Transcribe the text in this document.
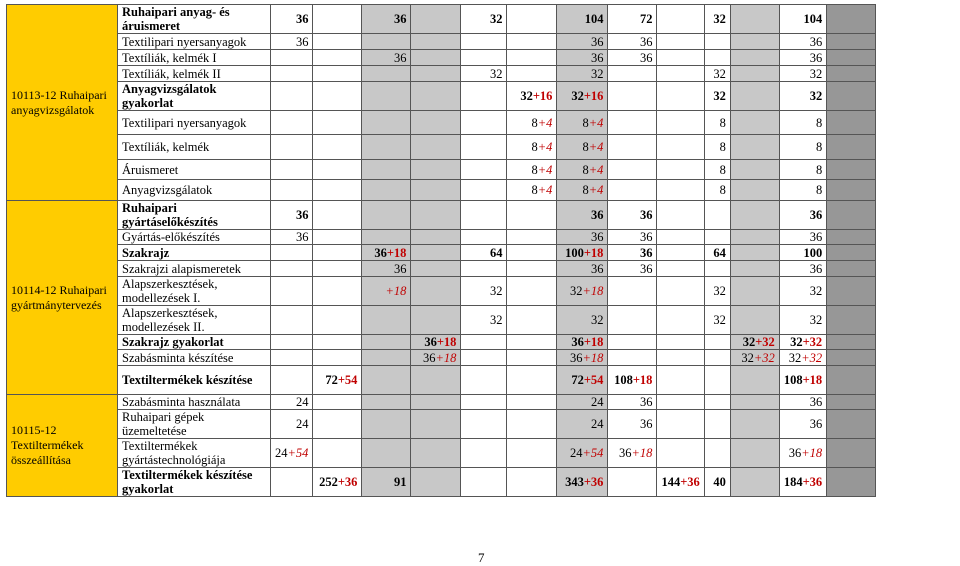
10113-12 Ruhaipari anyagvizsgálatok	Ruhaipari anyag- és áruismeret	36		36		32		104	72		32		104	
	Textilipari nyersanyagok	36						36	36				36	
	Textíliák, kelmék I			36				36	36				36	
	Textíliák, kelmék II					32		32			32		32	
	Anyagvizsgálatok gyakorlat						32+16	32+16			32		32	
	Textilipari nyersanyagok						8+4	8+4			8		8	
	Textíliák, kelmék						8+4	8+4			8		8	
	Áruismeret						8+4	8+4			8		8	
	Anyagvizsgálatok						8+4	8+4			8		8	
10114-12 Ruhaipari gyártmánytervezés	Ruhaipari gyártáselőkészítés	36						36	36				36	
	Gyártás-előkészítés	36						36	36				36	
	Szakrajz			36+18		64		100+18	36		64		100	
	Szakrajzi alapismeretek			36				36	36				36	
	Alapszerkesztések, modellezések I.			+18		32		32+18			32		32	
	Alapszerkesztések, modellezések II.					32		32			32		32	
	Szakrajz gyakorlat				36+18			36+18				32+32	32+32	
	Szabásminta készítése				36+18			36+18				32+32	32+32	
	Textiltermékek készítése		72+54					72+54	108+18				108+18	
10115-12 Textiltermékek összeállítása	Szabásminta használata	24						24	36				36	
	Ruhaipari gépek üzemeltetése	24						24	36				36	
	Textiltermékek gyártástechnológiája	24+54						24+54	36+18				36+18	
	Textiltermékek készítése gyakorlat		252+36	91				343+36		144+36	40		184+36	
7
